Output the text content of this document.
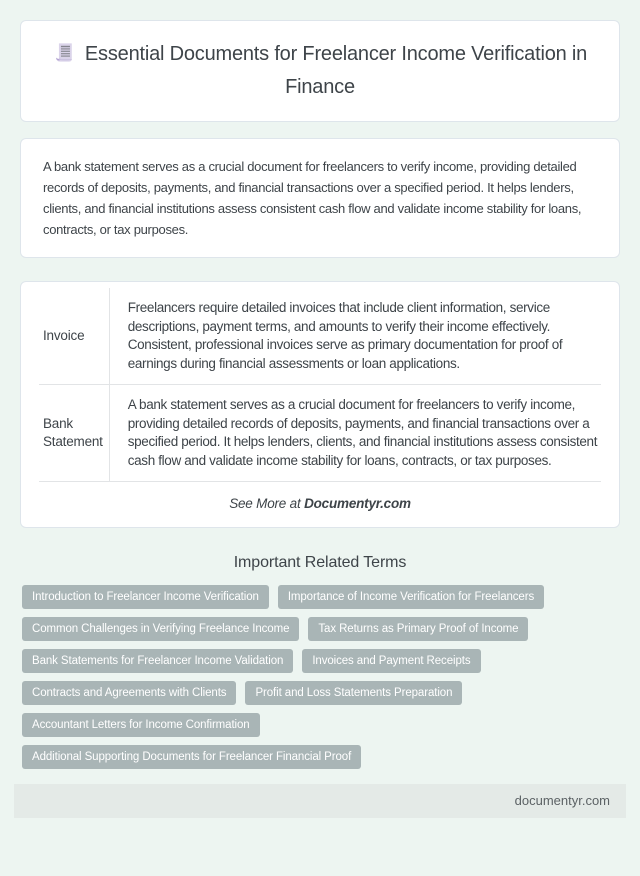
Essential Documents for Freelancer Income Verification in Finance

A bank statement serves as a crucial document for freelancers to verify income, providing detailed records of deposits, payments, and financial transactions over a specified period. It helps lenders, clients, and financial institutions assess consistent cash flow and validate income stability for loans, contracts, or tax purposes.

Invoice	Freelancers require detailed invoices that include client information, service descriptions, payment terms, and amounts to verify their income effectively. Consistent, professional invoices serve as primary documentation for proof of earnings during financial assessments or loan applications.
Bank Statement	A bank statement serves as a crucial document for freelancers to verify income, providing detailed records of deposits, payments, and financial transactions over a specified period. It helps lenders, clients, and financial institutions assess consistent cash flow and validate income stability for loans, contracts, or tax purposes.

See More at Documentyr.com

Important Related Terms
Introduction to Freelancer Income Verification	Importance of Income Verification for Freelancers
Common Challenges in Verifying Freelance Income	Tax Returns as Primary Proof of Income
Bank Statements for Freelancer Income Validation	Invoices and Payment Receipts
Contracts and Agreements with Clients	Profit and Loss Statements Preparation
Accountant Letters for Income Confirmation
Additional Supporting Documents for Freelancer Financial Proof
documentyr.com
